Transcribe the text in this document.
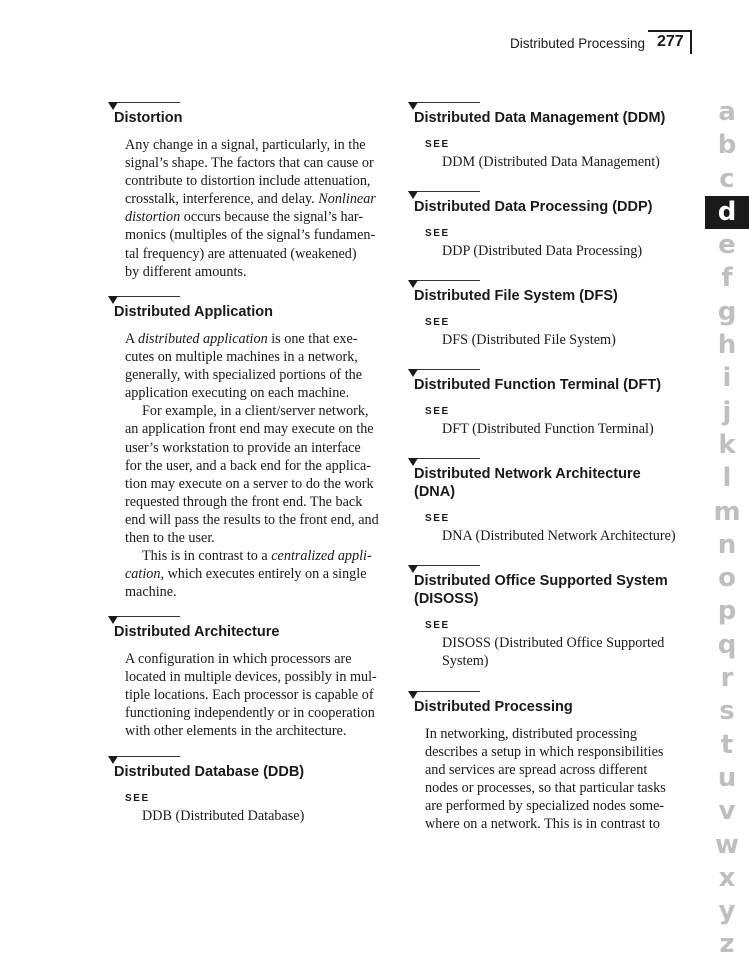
Distributed Processing 277
Distortion
Any change in a signal, particularly, in the
signal’s shape. The factors that can cause or
contribute to distortion include attenuation,
crosstalk, interference, and delay. Nonlinear
distortion occurs because the signal’s har-
monics (multiples of the signal’s fundamen-
tal frequency) are attenuated (weakened)
by different amounts.
Distributed Application
A distributed application is one that exe-
cutes on multiple machines in a network,
generally, with specialized portions of the
application executing on each machine.
For example, in a client/server network,
an application front end may execute on the
user’s workstation to provide an interface
for the user, and a back end for the applica-
tion may execute on a server to do the work
requested through the front end. The back
end will pass the results to the front end, and
then to the user.
This is in contrast to a centralized appli-
cation, which executes entirely on a single
machine.
Distributed Architecture
A configuration in which processors are
located in multiple devices, possibly in mul-
tiple locations. Each processor is capable of
functioning independently or in cooperation
with other elements in the architecture.
Distributed Database (DDB)
SEE
DDB (Distributed Database)
Distributed Data Management (DDM)
SEE
DDM (Distributed Data Management)
Distributed Data Processing (DDP)
SEE
DDP (Distributed Data Processing)
Distributed File System (DFS)
SEE
DFS (Distributed File System)
Distributed Function Terminal (DFT)
SEE
DFT (Distributed Function Terminal)
Distributed Network Architecture
(DNA)
SEE
DNA (Distributed Network Architecture)
Distributed Office Supported System
(DISOSS)
SEE
DISOSS (Distributed Office Supported
System)
Distributed Processing
In networking, distributed processing
describes a setup in which responsibilities
and services are spread across different
nodes or processes, so that particular tasks
are performed by specialized nodes some-
where on a network. This is in contrast to
a
b
c
d
e
f
g
h
i
j
k
l
m
n
o
p
q
r
s
t
u
v
w
x
y
z
